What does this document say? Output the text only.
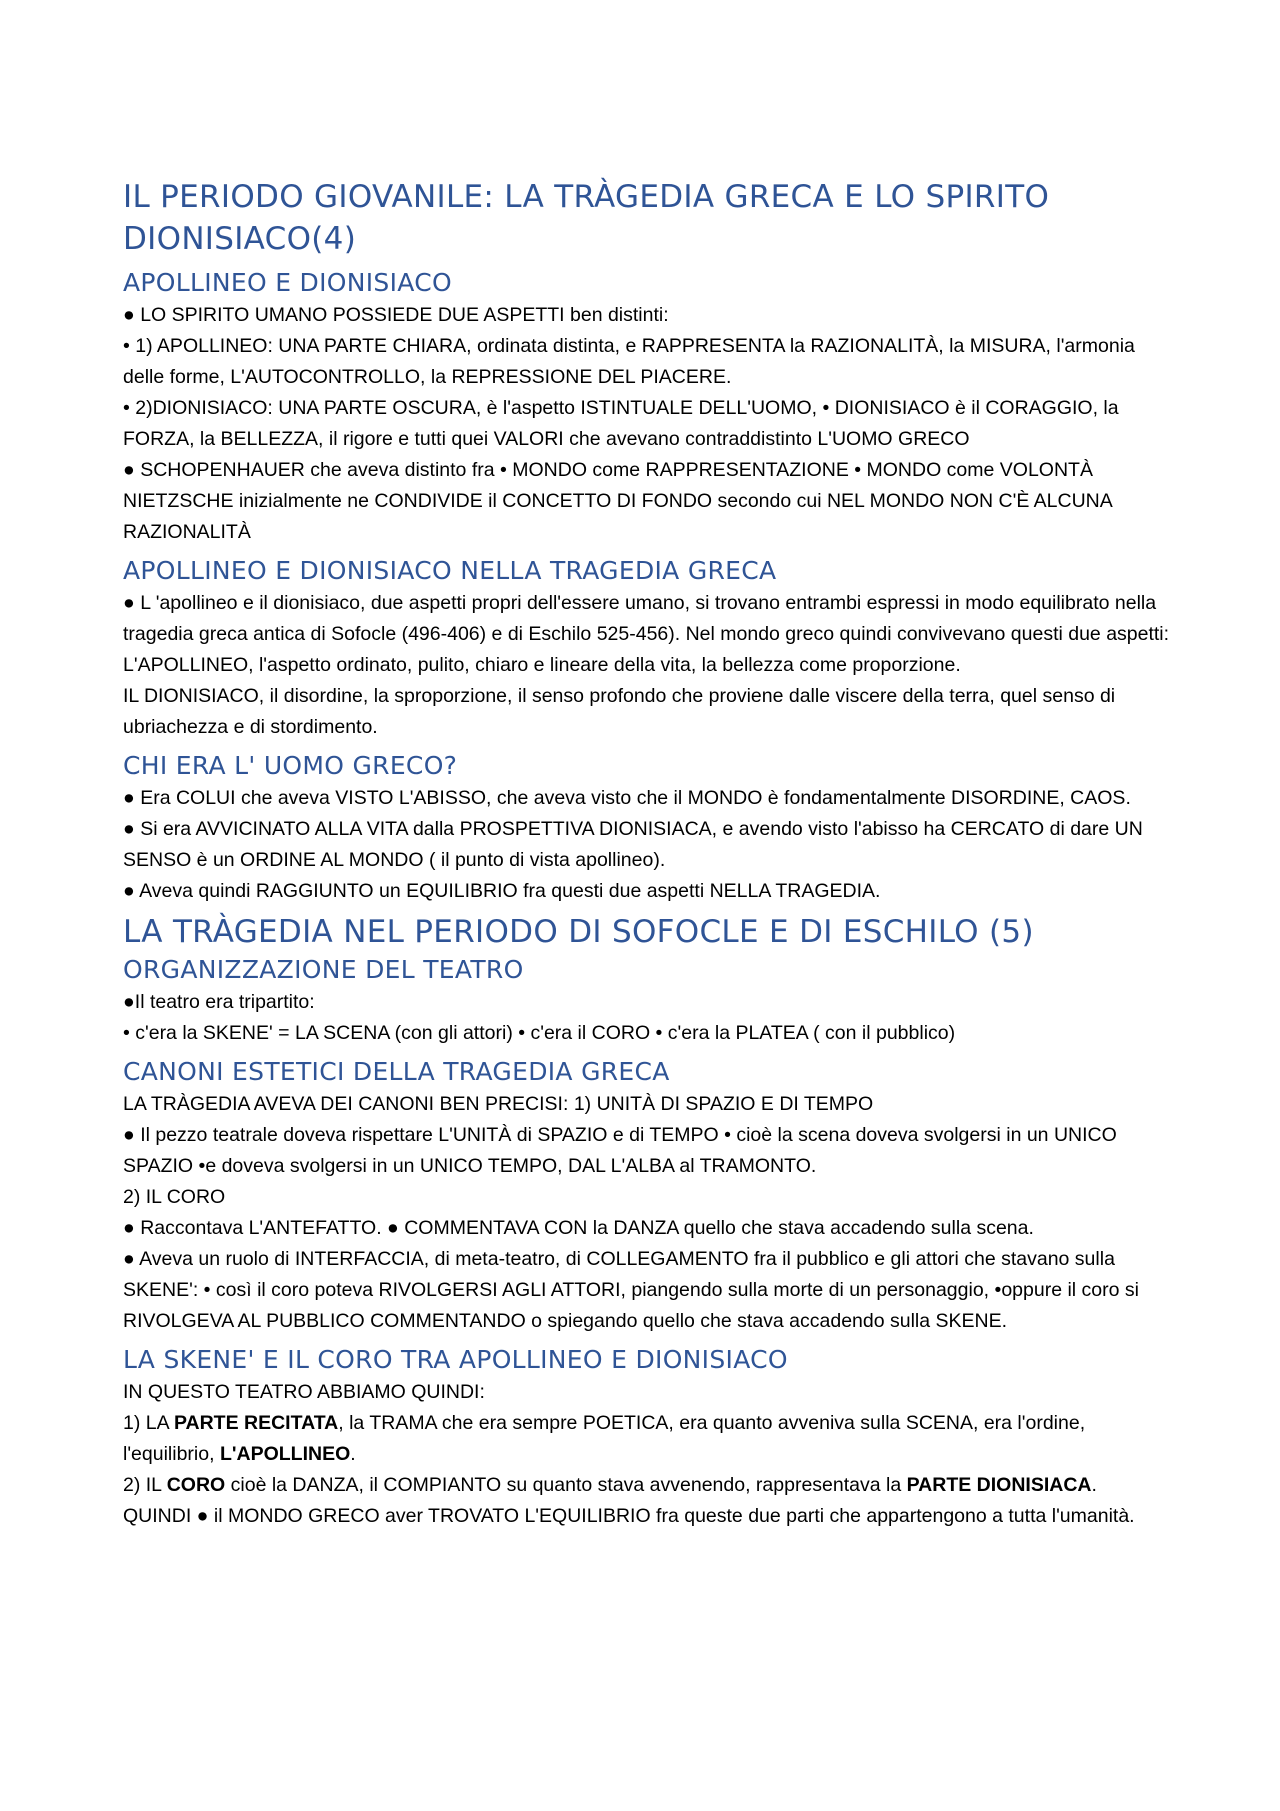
IL PERIODO GIOVANILE: LA TRÀGEDIA GRECA E LO SPIRITO DIONISIACO(4)
APOLLINEO E DIONISIACO

● LO SPIRITO UMANO POSSIEDE DUE ASPETTI ben distinti:

• 1) APOLLINEO: UNA PARTE CHIARA, ordinata distinta, e RAPPRESENTA la RAZIONALITÀ, la MISURA, l'armonia delle forme, L'AUTOCONTROLLO, la REPRESSIONE DEL PIACERE.

• 2)DIONISIACO: UNA PARTE OSCURA, è l'aspetto ISTINTUALE DELL'UOMO, • DIONISIACO è il CORAGGIO, la FORZA, la BELLEZZA, il rigore e tutti quei VALORI che avevano contraddistinto L'UOMO GRECO

● SCHOPENHAUER che aveva distinto fra • MONDO come RAPPRESENTAZIONE • MONDO come VOLONTÀ NIETZSCHE inizialmente ne CONDIVIDE il CONCETTO DI FONDO secondo cui NEL MONDO NON C'È ALCUNA RAZIONALITÀ

APOLLINEO E DIONISIACO NELLA TRAGEDIA GRECA

● L 'apollineo e il dionisiaco, due aspetti propri dell'essere umano, si trovano entrambi espressi in modo equilibrato nella tragedia greca antica di Sofocle (496-406) e di Eschilo 525-456). Nel mondo greco quindi convivevano questi due aspetti:

L'APOLLINEO, l'aspetto ordinato, pulito, chiaro e lineare della vita, la bellezza come proporzione.

IL DIONISIACO, il disordine, la sproporzione, il senso profondo che proviene dalle viscere della terra, quel senso di ubriachezza e di stordimento.

CHI ERA L' UOMO GRECO?

● Era COLUI che aveva VISTO L'ABISSO, che aveva visto che il MONDO è fondamentalmente DISORDINE, CAOS.

● Si era AVVICINATO ALLA VITA dalla PROSPETTIVA DIONISIACA, e avendo visto l'abisso ha CERCATO di dare UN SENSO è un ORDINE AL MONDO ( il punto di vista apollineo).

● Aveva quindi RAGGIUNTO un EQUILIBRIO fra questi due aspetti NELLA TRAGEDIA.

LA TRÀGEDIA NEL PERIODO DI SOFOCLE E DI ESCHILO (5)
ORGANIZZAZIONE DEL TEATRO

●Il teatro era tripartito:

• c'era la SKENE' = LA SCENA (con gli attori) • c'era il CORO • c'era la PLATEA ( con il pubblico)

CANONI ESTETICI DELLA TRAGEDIA GRECA

LA TRÀGEDIA AVEVA DEI CANONI BEN PRECISI: 1) UNITÀ DI SPAZIO E DI TEMPO

● Il pezzo teatrale doveva rispettare L'UNITÀ di SPAZIO e di TEMPO • cioè la scena doveva svolgersi in un UNICO SPAZIO •e doveva svolgersi in un UNICO TEMPO, DAL L'ALBA al TRAMONTO.

2) IL CORO

● Raccontava L'ANTEFATTO. ● COMMENTAVA CON la DANZA quello che stava accadendo sulla scena.

● Aveva un ruolo di INTERFACCIA, di meta-teatro, di COLLEGAMENTO fra il pubblico e gli attori che stavano sulla SKENE': • così il coro poteva RIVOLGERSI AGLI ATTORI, piangendo sulla morte di un personaggio, •oppure il coro si RIVOLGEVA AL PUBBLICO COMMENTANDO o spiegando quello che stava accadendo sulla SKENE.

LA SKENE' E IL CORO TRA APOLLINEO E DIONISIACO

IN QUESTO TEATRO ABBIAMO QUINDI:

1) LA PARTE RECITATA, la TRAMA che era sempre POETICA, era quanto avveniva sulla SCENA, era l'ordine, l'equilibrio, L'APOLLINEO.

2) IL CORO cioè la DANZA, il COMPIANTO su quanto stava avvenendo, rappresentava la PARTE DIONISIACA.

QUINDI ● il MONDO GRECO aver TROVATO L'EQUILIBRIO fra queste due parti che appartengono a tutta l'umanità.
